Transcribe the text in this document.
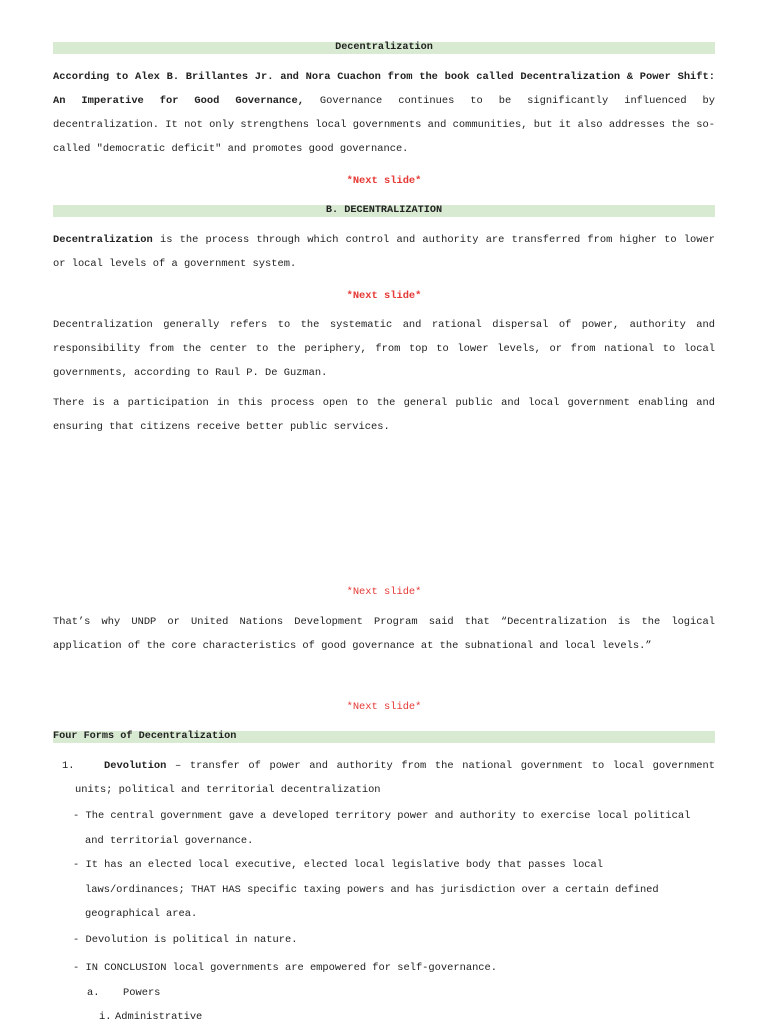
Decentralization
According to Alex B. Brillantes Jr. and Nora Cuachon from the book called Decentralization & Power Shift: An Imperative for Good Governance, Governance continues to be significantly influenced by decentralization. It not only strengthens local governments and communities, but it also addresses the so-called "democratic deficit" and promotes good governance.
*Next slide*
B. DECENTRALIZATION
Decentralization is the process through which control and authority are transferred from higher to lower or local levels of a government system.
*Next slide*
Decentralization generally refers to the systematic and rational dispersal of power, authority and responsibility from the center to the periphery, from top to lower levels, or from national to local governments, according to Raul P. De Guzman.
There is a participation in this process open to the general public and local government enabling and ensuring that citizens receive better public services.
*Next slide*
That’s why UNDP or United Nations Development Program said that “Decentralization is the logical application of the core characteristics of good governance at the subnational and local levels.”
*Next slide*
Four Forms of Decentralization
1.	Devolution – transfer of power and authority from the national government to local government units; political and territorial decentralization
- The central government gave a developed territory power and authority to exercise local political and territorial governance.
- It has an elected local executive, elected local legislative body that passes local laws/ordinances; THAT HAS specific taxing powers and has jurisdiction over a certain defined geographical area.
- Devolution is political in nature.
- IN CONCLUSION local governments are empowered for self-governance.
a. Powers
i. Administrative
